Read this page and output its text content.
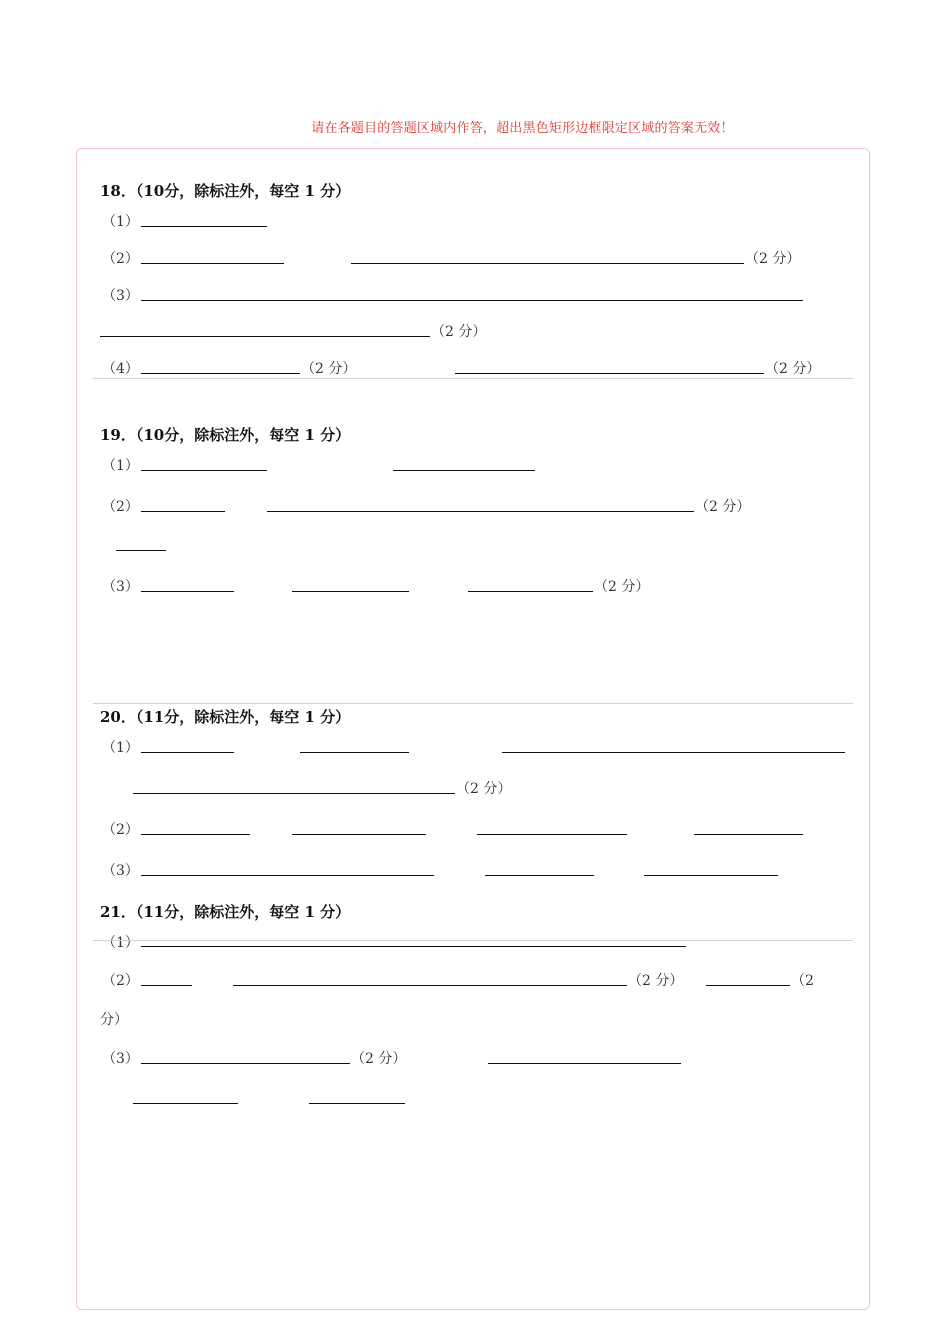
请在各题目的答题区域内作答，超出黑色矩形边框限定区域的答案无效！
18．（10分，除标注外，每空 1 分）
（1）
（2）	（2 分）
（3）
（2 分）
（4）	（2 分）	（2 分）
19．（10分，除标注外，每空 1 分）
（1）
（2）	（2 分）
（3）	（2 分）
20．（11分，除标注外，每空 1 分）
（1）
（2 分）
（2）
（3）
21．（11分，除标注外，每空 1 分）
（1）
（2）	（2 分）	（2
分）
（3）	（2 分）
